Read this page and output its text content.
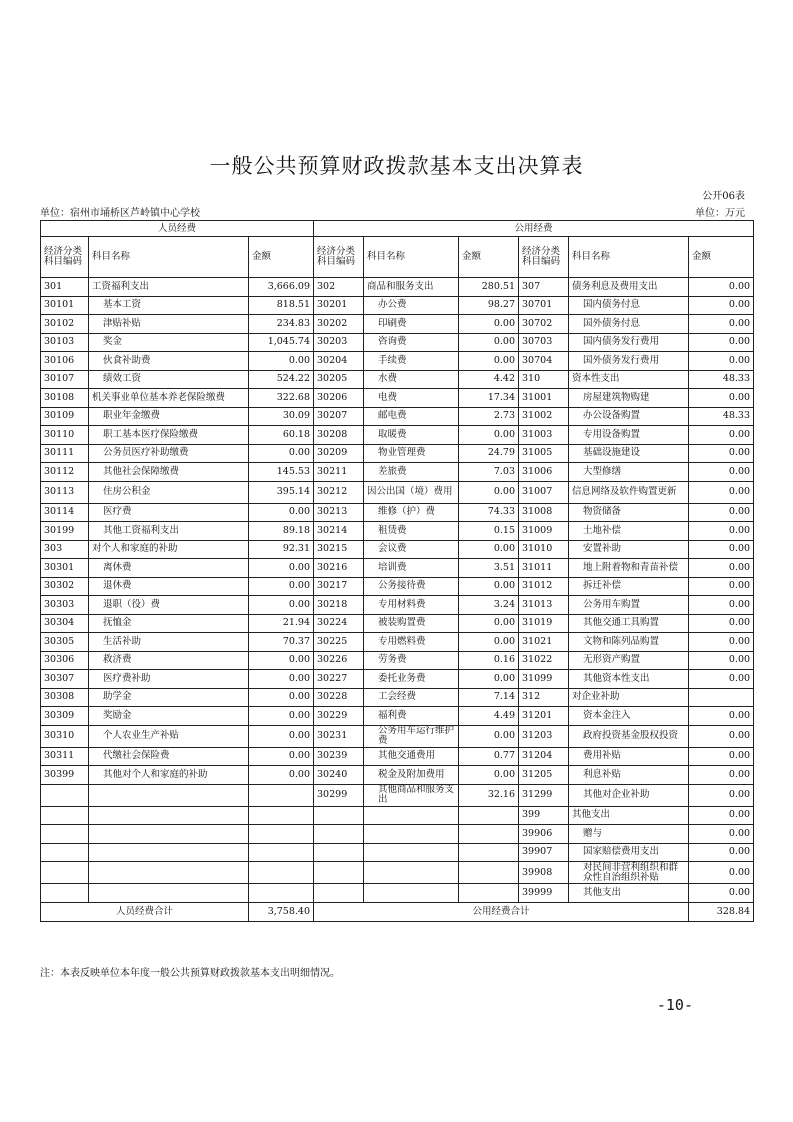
一般公共预算财政拨款基本支出决算表
公开06表
单位：宿州市埇桥区芦岭镇中心学校	单位：万元
人员经费			公用经费					
经济分类科目编码	科目名称	金额	经济分类科目编码	科目名称	金额	经济分类科目编码	科目名称	金额
301	工资福利支出	3,666.09	302	商品和服务支出	280.51	307	债务利息及费用支出	0.00
30101	基本工资	818.51	30201	办公费	98.27	30701	国内债务付息	0.00
30102	津贴补贴	234.83	30202	印刷费	0.00	30702	国外债务付息	0.00
30103	奖金	1,045.74	30203	咨询费	0.00	30703	国内债务发行费用	0.00
30106	伙食补助费	0.00	30204	手续费	0.00	30704	国外债务发行费用	0.00
30107	绩效工资	524.22	30205	水费	4.42	310	资本性支出	48.33
30108	机关事业单位基本养老保险缴费	322.68	30206	电费	17.34	31001	房屋建筑物购建	0.00
30109	职业年金缴费	30.09	30207	邮电费	2.73	31002	办公设备购置	48.33
30110	职工基本医疗保险缴费	60.18	30208	取暖费	0.00	31003	专用设备购置	0.00
30111	公务员医疗补助缴费	0.00	30209	物业管理费	24.79	31005	基础设施建设	0.00
30112	其他社会保障缴费	145.53	30211	差旅费	7.03	31006	大型修缮	0.00
30113	住房公积金	395.14	30212	因公出国（境）费用	0.00	31007	信息网络及软件购置更新	0.00
30114	医疗费	0.00	30213	维修（护）费	74.33	31008	物资储备	0.00
30199	其他工资福利支出	89.18	30214	租赁费	0.15	31009	土地补偿	0.00
303	对个人和家庭的补助	92.31	30215	会议费	0.00	31010	安置补助	0.00
30301	离休费	0.00	30216	培训费	3.51	31011	地上附着物和青苗补偿	0.00
30302	退休费	0.00	30217	公务接待费	0.00	31012	拆迁补偿	0.00
30303	退职（役）费	0.00	30218	专用材料费	3.24	31013	公务用车购置	0.00
30304	抚恤金	21.94	30224	被装购置费	0.00	31019	其他交通工具购置	0.00
30305	生活补助	70.37	30225	专用燃料费	0.00	31021	文物和陈列品购置	0.00
30306	救济费	0.00	30226	劳务费	0.16	31022	无形资产购置	0.00
30307	医疗费补助	0.00	30227	委托业务费	0.00	31099	其他资本性支出	0.00
30308	助学金	0.00	30228	工会经费	7.14	312	对企业补助	
30309	奖励金	0.00	30229	福利费	4.49	31201	资本金注入	0.00
30310	个人农业生产补贴	0.00	30231	公务用车运行维护费	0.00	31203	政府投资基金股权投资	0.00
30311	代缴社会保险费	0.00	30239	其他交通费用	0.77	31204	费用补贴	0.00
30399	其他对个人和家庭的补助	0.00	30240	税金及附加费用	0.00	31205	利息补贴	0.00
			30299	其他商品和服务支出	32.16	31299	其他对企业补助	0.00
						399	其他支出	0.00
						39906	赠与	0.00
						39907	国家赔偿费用支出	0.00
						39908	对民间非营利组织和群众性自治组织补贴	0.00
						39999	其他支出	0.00
人员经费合计		3,758.40	公用经费合计					328.84
注：本表反映单位本年度一般公共预算财政拨款基本支出明细情况。
-10-
